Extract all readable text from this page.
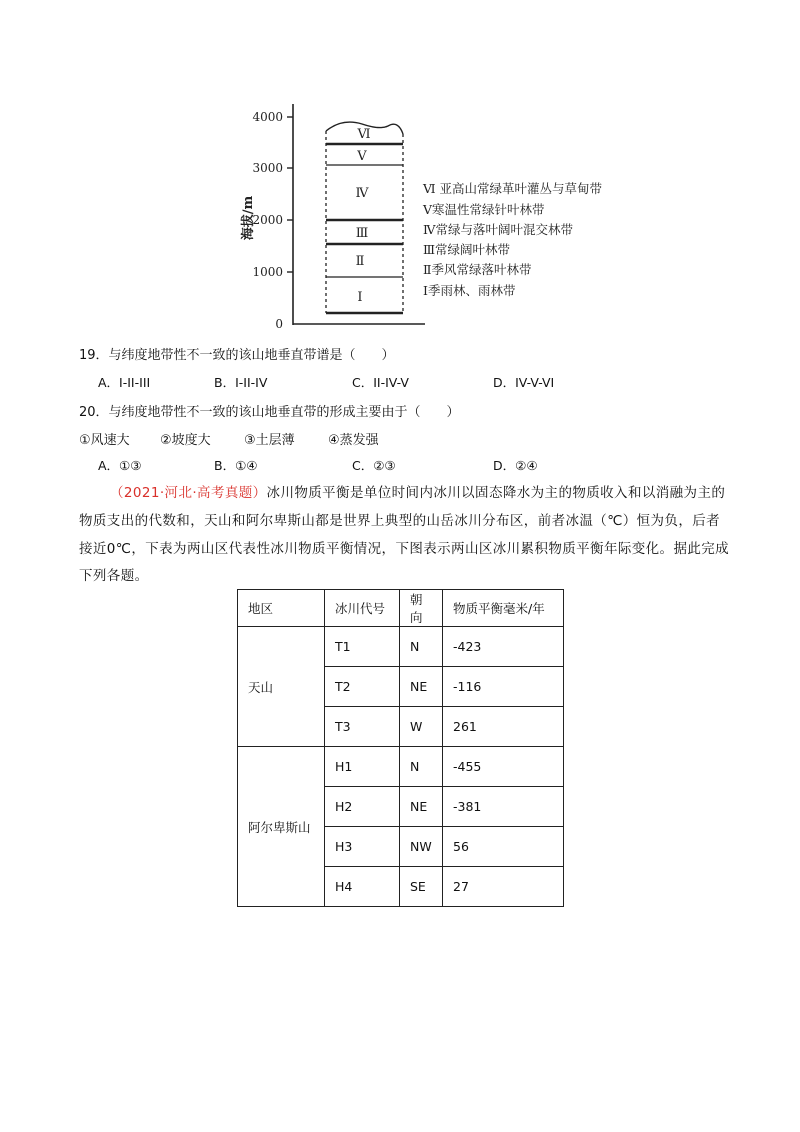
4000
3000
2000
1000
0
海拔/m
Ⅵ
Ⅴ
Ⅳ
Ⅲ
Ⅱ
Ⅰ
Ⅵ 亚高山常绿革叶灌丛与草甸带
Ⅴ寒温性常绿针叶林带
Ⅳ常绿与落叶阔叶混交林带
Ⅲ常绿阔叶林带
Ⅱ季风常绿落叶林带
Ⅰ季雨林、雨林带
19．与纬度地带性不一致的该山地垂直带谱是（　　）
A．I-II-III	B．I-II-IV	C．II-IV-V	D．IV-V-VI
20．与纬度地带性不一致的该山地垂直带的形成主要由于（　　）
①风速大 ②坡度大	③土层薄	④蒸发强
A．①③	B．①④	C．②③	D．②④
（2021·河北·高考真题）冰川物质平衡是单位时间内冰川以固态降水为主的物质收入和以消融为主的
物质支出的代数和，天山和阿尔卑斯山都是世界上典型的山岳冰川分布区，前者冰温（℃）恒为负，后者
接近0℃，下表为两山区代表性冰川物质平衡情况，下图表示两山区冰川累积物质平衡年际变化。据此完成
下列各题。
地区	冰川代号	朝向	物质平衡毫米/年
天山	T1	N	-423
	T2	NE	-116
	T3	W	261
阿尔卑斯山	H1	N	-455
	H2	NE	-381
	H3	NW	56
	H4	SE	27
